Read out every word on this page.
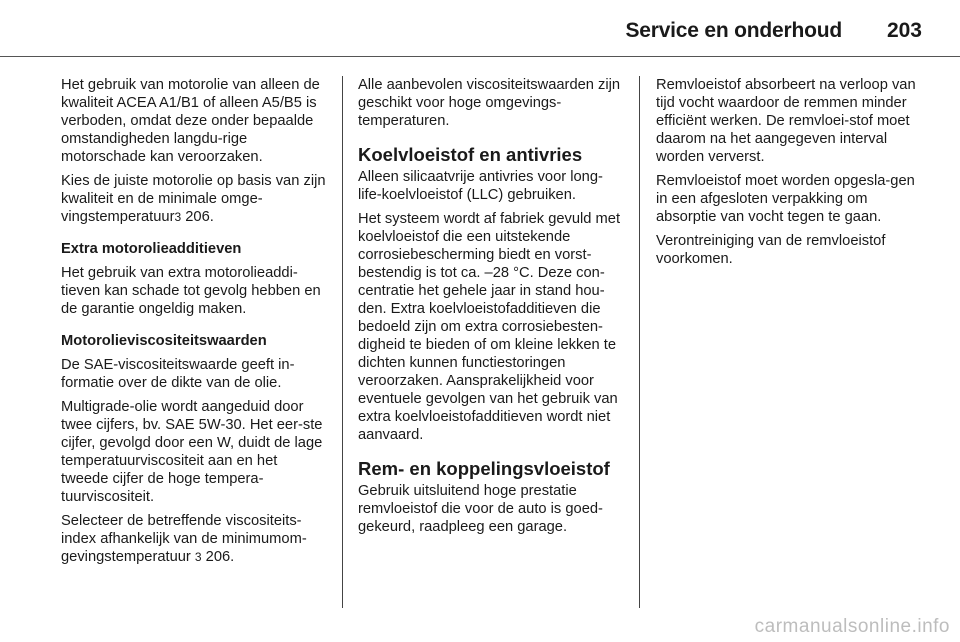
Service en onderhoud 203

Het gebruik van motorolie van alleen de kwaliteit ACEA A1/B1 of alleen A5/B5 is verboden, omdat deze onder bepaalde omstandigheden langdu-rige motorschade kan veroorzaken.

Kies de juiste motorolie op basis van zijn kwaliteit en de minimale omge-vingstemperatuur3 206.

Extra motorolieadditieven

Het gebruik van extra motorolieaddi-tieven kan schade tot gevolg hebben en de garantie ongeldig maken.

Motorolieviscositeitswaarden

De SAE-viscositeitswaarde geeft in-formatie over de dikte van de olie.

Multigrade-olie wordt aangeduid door twee cijfers, bv. SAE 5W-30. Het eer-ste cijfer, gevolgd door een W, duidt de lage temperatuurviscositeit aan en het tweede cijfer de hoge tempera-tuurviscositeit.

Selecteer de betreffende viscositeits-index afhankelijk van de minimumom-gevingstemperatuur 3 206.

Alle aanbevolen viscositeitswaarden zijn geschikt voor hoge omgevings-temperaturen.

Koelvloeistof en antivries

Alleen silicaatvrije antivries voor long-life-koelvloeistof (LLC) gebruiken.

Het systeem wordt af fabriek gevuld met koelvloeistof die een uitstekende corrosiebescherming biedt en vorst-bestendig is tot ca. –28 °C. Deze con-centratie het gehele jaar in stand hou-den. Extra koelvloeistofadditieven die bedoeld zijn om extra corrosiebesten-digheid te bieden of om kleine lekken te dichten kunnen functiestoringen veroorzaken. Aansprakelijkheid voor eventuele gevolgen van het gebruik van extra koelvloeistofadditieven wordt niet aanvaard.

Rem- en koppelingsvloeistof

Gebruik uitsluitend hoge prestatie remvloeistof die voor de auto is goed-gekeurd, raadpleeg een garage.

Remvloeistof absorbeert na verloop van tijd vocht waardoor de remmen minder efficiënt werken. De remvloei-stof moet daarom na het aangegeven interval worden ververst.

Remvloeistof moet worden opgesla-gen in een afgesloten verpakking om absorptie van vocht tegen te gaan.

Verontreiniging van de remvloeistof voorkomen.

carmanualsonline.info
